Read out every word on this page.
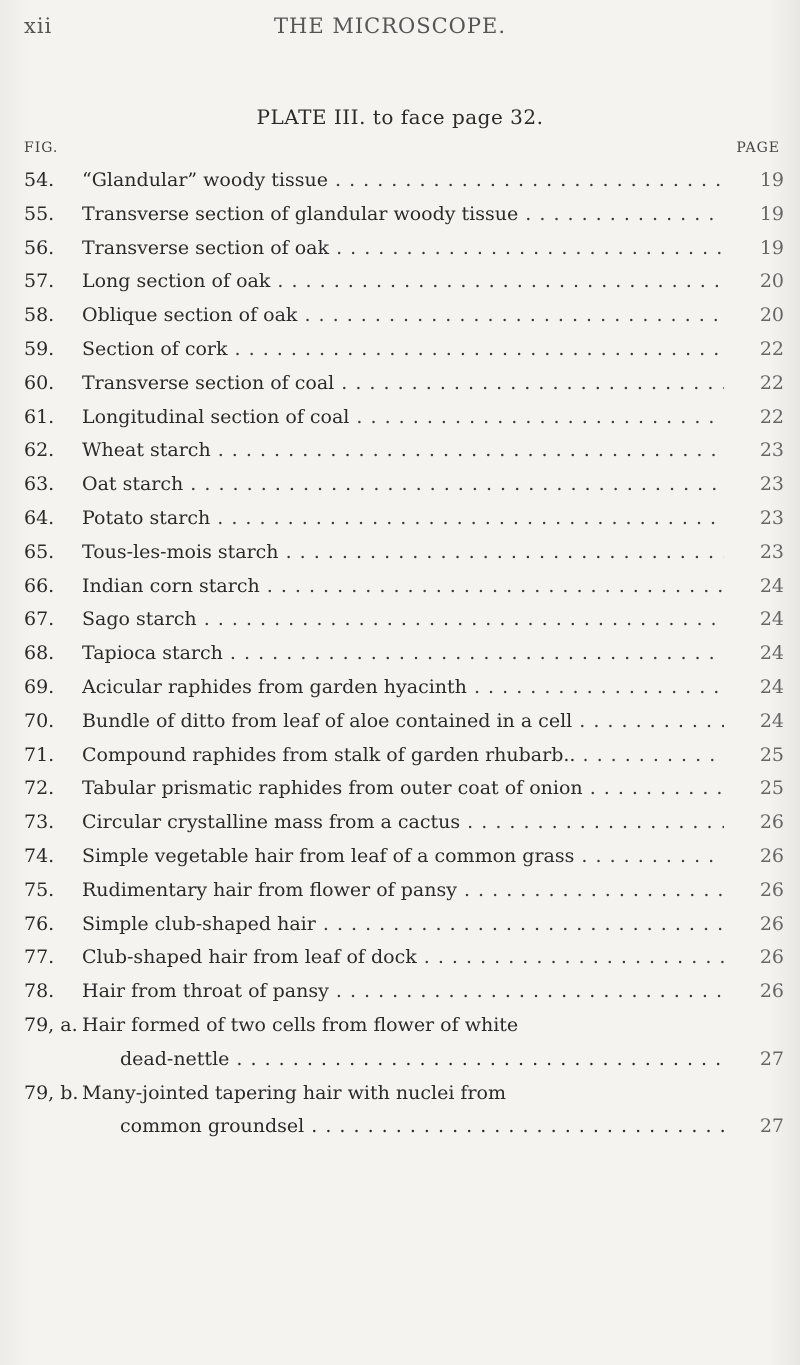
xii	THE MICROSCOPE.
PLATE III. to face page 32.
FIG.	PAGE
54.	“Glandular” woody tissue . . .	19
55.	Transverse section of glandular woody tissue . . .	19
56.	Transverse section of oak . . .	19
57.	Long section of oak . . .	20
58.	Oblique section of oak . . .	20
59.	Section of cork . . .	22
60.	Transverse section of coal . . .	22
61.	Longitudinal section of coal . . .	22
62.	Wheat starch . . .	23
63.	Oat starch . . .	23
64.	Potato starch . . .	23
65.	Tous-les-mois starch . . .	23
66.	Indian corn starch . . .	24
67.	Sago starch . . .	24
68.	Tapioca starch . . .	24
69.	Acicular raphides from garden hyacinth . . .	24
70.	Bundle of ditto from leaf of aloe contained in a cell . . .	24
71.	Compound raphides from stalk of garden rhubarb.. . . .	25
72.	Tabular prismatic raphides from outer coat of onion . . .	25
73.	Circular crystalline mass from a cactus . . .	26
74.	Simple vegetable hair from leaf of a common grass . . .	26
75.	Rudimentary hair from flower of pansy . . .	26
76.	Simple club-shaped hair . . .	26
77.	Club-shaped hair from leaf of dock . . .	26
78.	Hair from throat of pansy . . .	26
79, a. Hair formed of two cells from flower of white
dead-nettle . . .	27
79, b. Many-jointed tapering hair with nuclei from
common groundsel . . .	27
